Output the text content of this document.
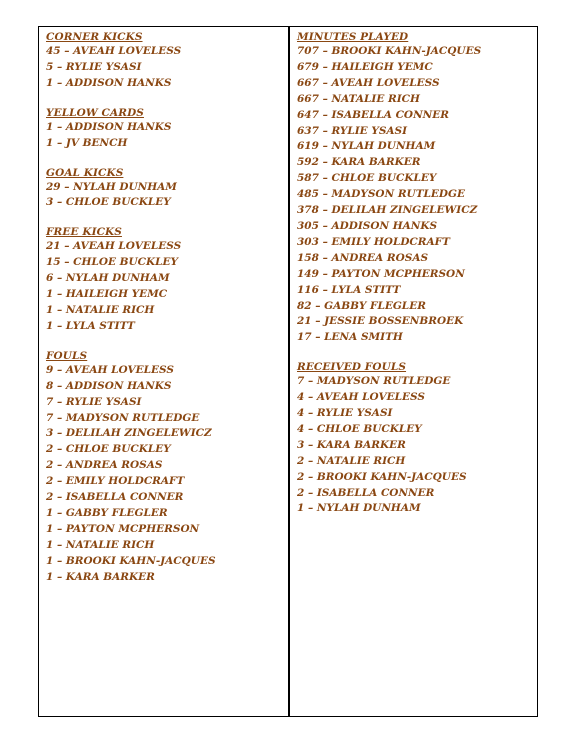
CORNER KICKS
45 – AVEAH LOVELESS
5 – RYLIE YSASI
1 – ADDISON HANKS
YELLOW CARDS
1 – ADDISON HANKS
1 – JV BENCH
GOAL KICKS
29 – NYLAH DUNHAM
3 – CHLOE BUCKLEY
FREE KICKS
21 – AVEAH LOVELESS
15 – CHLOE BUCKLEY
6 – NYLAH DUNHAM
1 – HAILEIGH YEMC
1 – NATALIE RICH
1 – LYLA STITT
FOULS
9 – AVEAH LOVELESS
8 – ADDISON HANKS
7 – RYLIE YSASI
7 – MADYSON RUTLEDGE
3 – DELILAH ZINGELEWICZ
2 – CHLOE BUCKLEY
2 – ANDREA ROSAS
2 – EMILY HOLDCRAFT
2 – ISABELLA CONNER
1 – GABBY FLEGLER
1 – PAYTON MCPHERSON
1 – NATALIE RICH
1 – BROOKI KAHN-JACQUES
1 – KARA BARKER
MINUTES PLAYED
707 – BROOKI KAHN-JACQUES
679 – HAILEIGH YEMC
667 – AVEAH LOVELESS
667 – NATALIE RICH
647 – ISABELLA CONNER
637 – RYLIE YSASI
619 – NYLAH DUNHAM
592 – KARA BARKER
587 – CHLOE BUCKLEY
485 – MADYSON RUTLEDGE
378 – DELILAH ZINGELEWICZ
305 – ADDISON HANKS
303 – EMILY HOLDCRAFT
158 – ANDREA ROSAS
149 – PAYTON MCPHERSON
116 – LYLA STITT
82 – GABBY FLEGLER
21 – JESSIE BOSSENBROEK
17 – LENA SMITH
RECEIVED FOULS
7 – MADYSON RUTLEDGE
4 – AVEAH LOVELESS
4 – RYLIE YSASI
4 – CHLOE BUCKLEY
3 – KARA BARKER
2 – NATALIE RICH
2 – BROOKI KAHN-JACQUES
2 – ISABELLA CONNER
1 – NYLAH DUNHAM
